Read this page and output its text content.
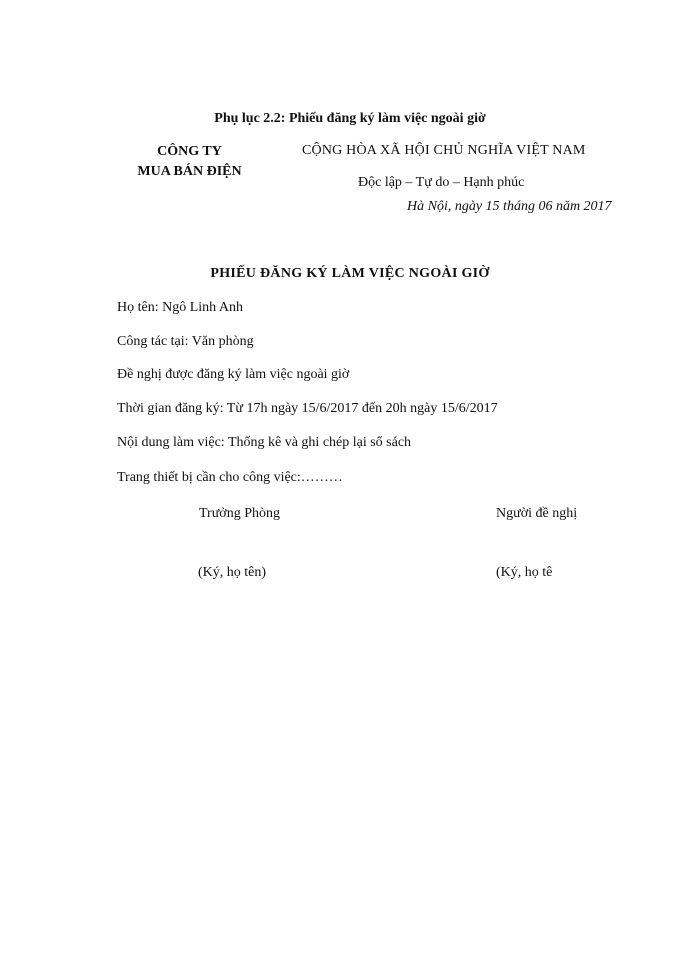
Phụ lục 2.2: Phiếu đăng ký làm việc ngoài giờ
CÔNG TY
MUA BÁN ĐIỆN
CỘNG HÒA XÃ HỘI CHỦ NGHĨA VIỆT NAM
Độc lập – Tự do – Hạnh phúc
Hà Nội, ngày 15 tháng 06 năm 2017
PHIẾU ĐĂNG KÝ LÀM VIỆC NGOÀI GIỜ
Họ tên: Ngô Linh Anh
Công tác tại: Văn phòng
Đề nghị được đăng ký làm việc ngoài giờ
Thời gian đăng ký: Từ 17h ngày 15/6/2017 đến 20h ngày 15/6/2017
Nội dung làm việc: Thống kê và ghi chép lại sổ sách
Trang thiết bị cần cho công việc:………
Trưởng Phòng	Người đề nghị
(Ký, họ tên)	(Ký, họ tê
